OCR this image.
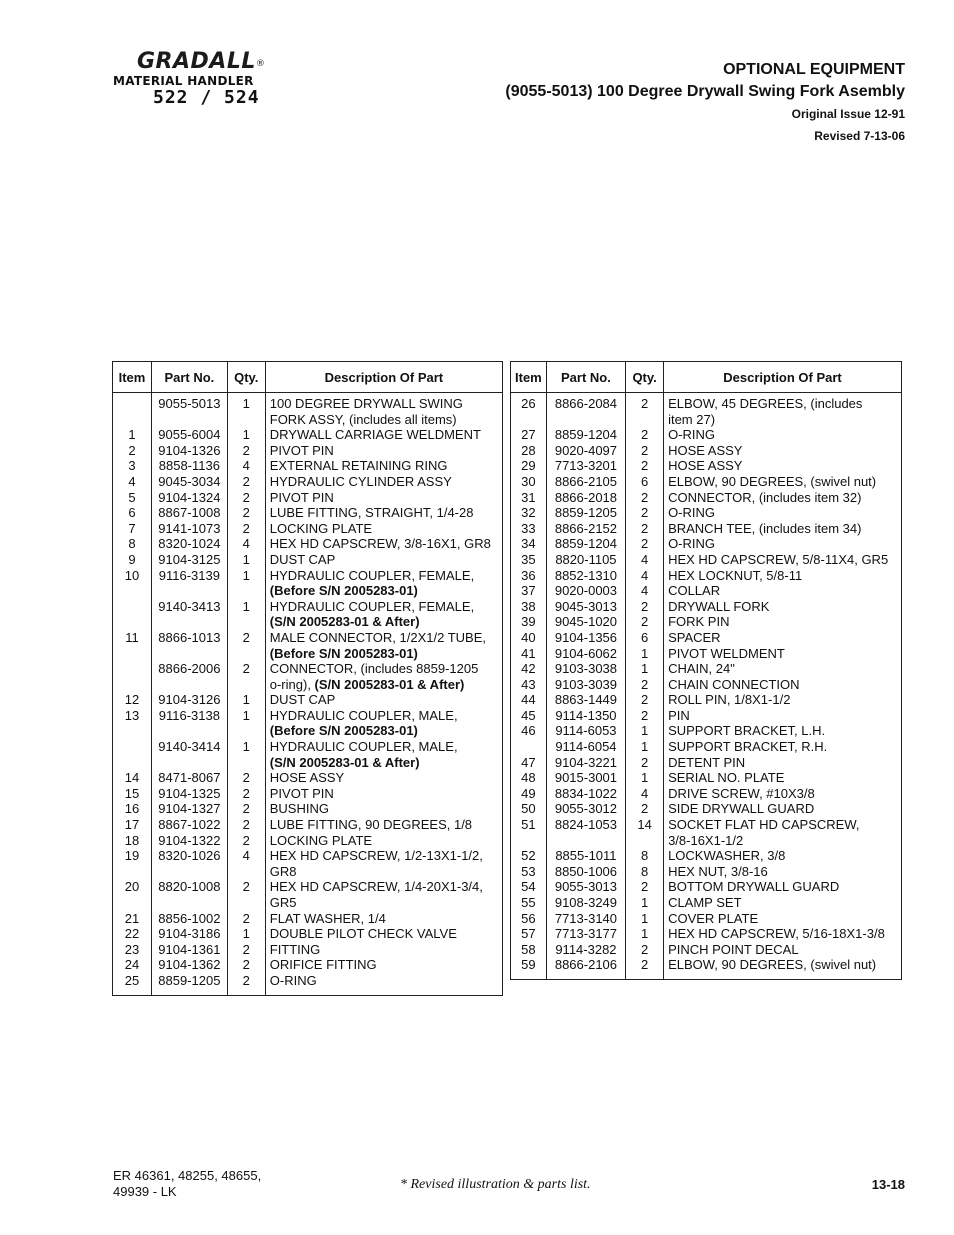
GRADALL®
MATERIAL HANDLER
522 / 524
OPTIONAL EQUIPMENT
(9055-5013) 100 Degree Drywall Swing Fork Asembly
Original Issue 12-91
Revised 7-13-06
Item	Part No.	Qty.	Description Of Part

	9055-5013	1	100 DEGREE DRYWALL SWING
			FORK ASSY, (includes all items)
1	9055-6004	1	DRYWALL CARRIAGE WELDMENT
2	9104-1326	2	PIVOT PIN
3	8858-1136	4	EXTERNAL RETAINING RING
4	9045-3034	2	HYDRAULIC CYLINDER ASSY
5	9104-1324	2	PIVOT PIN
6	8867-1008	2	LUBE FITTING, STRAIGHT, 1/4-28
7	9141-1073	2	LOCKING PLATE
8	8320-1024	4	HEX HD CAPSCREW, 3/8-16X1, GR8
9	9104-3125	1	DUST CAP
10	9116-3139	1	HYDRAULIC COUPLER, FEMALE,
			(Before S/N 2005283-01)
	9140-3413	1	HYDRAULIC COUPLER, FEMALE,
			(S/N 2005283-01 & After)
11	8866-1013	2	MALE CONNECTOR, 1/2X1/2 TUBE,
			(Before S/N 2005283-01)
	8866-2006	2	CONNECTOR, (includes 8859-1205
			o-ring), (S/N 2005283-01 & After)
12	9104-3126	1	DUST CAP
13	9116-3138	1	HYDRAULIC COUPLER, MALE,
			(Before S/N 2005283-01)
	9140-3414	1	HYDRAULIC COUPLER, MALE,
			(S/N 2005283-01 & After)
14	8471-8067	2	HOSE ASSY
15	9104-1325	2	PIVOT PIN
16	9104-1327	2	BUSHING
17	8867-1022	2	LUBE FITTING, 90 DEGREES, 1/8
18	9104-1322	2	LOCKING PLATE
19	8320-1026	4	HEX HD CAPSCREW, 1/2-13X1-1/2,
			GR8
20	8820-1008	2	HEX HD CAPSCREW, 1/4-20X1-3/4,
			GR5
21	8856-1002	2	FLAT WASHER, 1/4
22	9104-3186	1	DOUBLE PILOT CHECK VALVE
23	9104-1361	2	FITTING
24	9104-1362	2	ORIFICE FITTING
25	8859-1205	2	O-RING

Item	Part No.	Qty.	Description Of Part

26	8866-2084	2	ELBOW, 45 DEGREES, (includes
			item 27)
27	8859-1204	2	O-RING
28	9020-4097	2	HOSE ASSY
29	7713-3201	2	HOSE ASSY
30	8866-2105	6	ELBOW, 90 DEGREES, (swivel nut)
31	8866-2018	2	CONNECTOR, (includes item 32)
32	8859-1205	2	O-RING
33	8866-2152	2	BRANCH TEE, (includes item 34)
34	8859-1204	2	O-RING
35	8820-1105	4	HEX HD CAPSCREW, 5/8-11X4, GR5
36	8852-1310	4	HEX LOCKNUT, 5/8-11
37	9020-0003	4	COLLAR
38	9045-3013	2	DRYWALL FORK
39	9045-1020	2	FORK PIN
40	9104-1356	6	SPACER
41	9104-6062	1	PIVOT WELDMENT
42	9103-3038	1	CHAIN, 24"
43	9103-3039	2	CHAIN CONNECTION
44	8863-1449	2	ROLL PIN, 1/8X1-1/2
45	9114-1350	2	PIN
46	9114-6053	1	SUPPORT BRACKET, L.H.
	9114-6054	1	SUPPORT BRACKET, R.H.
47	9104-3221	2	DETENT PIN
48	9015-3001	1	SERIAL NO. PLATE
49	8834-1022	4	DRIVE SCREW, #10X3/8
50	9055-3012	2	SIDE DRYWALL GUARD
51	8824-1053	14	SOCKET FLAT HD CAPSCREW,
			3/8-16X1-1/2
52	8855-1011	8	LOCKWASHER, 3/8
53	8850-1006	8	HEX NUT, 3/8-16
54	9055-3013	2	BOTTOM DRYWALL GUARD
55	9108-3249	1	CLAMP SET
56	7713-3140	1	COVER PLATE
57	7713-3177	1	HEX HD CAPSCREW, 5/16-18X1-3/8
58	9114-3282	2	PINCH POINT DECAL
59	8866-2106	2	ELBOW, 90 DEGREES, (swivel nut)

ER 46361, 48255, 48655,
49939 - LK	* Revised illustration & parts list.	13-18
